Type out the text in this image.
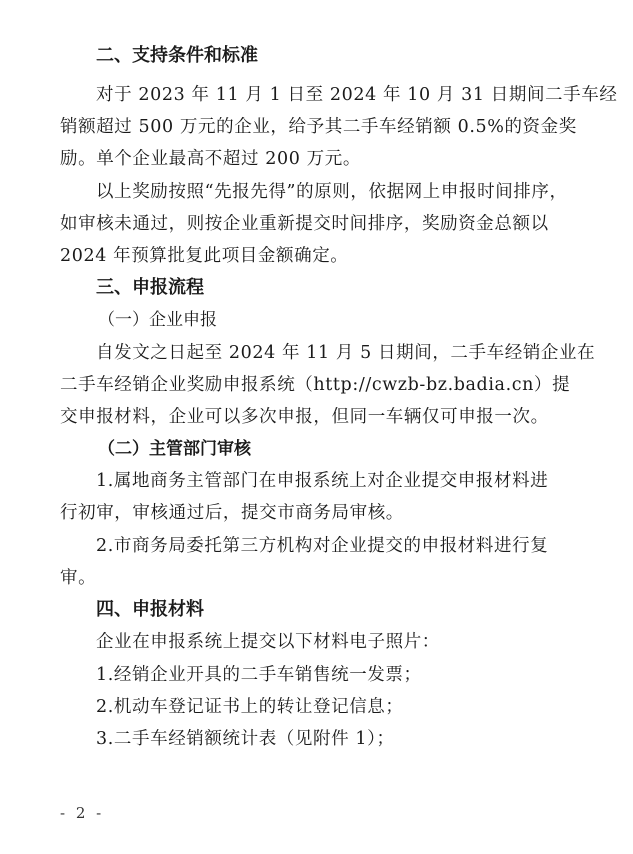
二、支持条件和标准
对于 2023 年 11 月 1 日至 2024 年 10 月 31 日期间二手车经
销额超过 500 万元的企业，给予其二手车经销额 0.5%的资金奖
励。单个企业最高不超过 200 万元。
以上奖励按照“先报先得”的原则，依据网上申报时间排序，
如审核未通过，则按企业重新提交时间排序，奖励资金总额以
2024 年预算批复此项目金额确定。
三、申报流程
（一）企业申报
自发文之日起至 2024 年 11 月 5 日期间，二手车经销企业在
二手车经销企业奖励申报系统（http://cwzb-bz.badia.cn）提
交申报材料，企业可以多次申报，但同一车辆仅可申报一次。
（二）主管部门审核
1.属地商务主管部门在申报系统上对企业提交申报材料进
行初审，审核通过后，提交市商务局审核。
2.市商务局委托第三方机构对企业提交的申报材料进行复
审。
四、申报材料
企业在申报系统上提交以下材料电子照片：
1.经销企业开具的二手车销售统一发票；
2.机动车登记证书上的转让登记信息；
3.二手车经销额统计表（见附件 1）；
- 2 -
